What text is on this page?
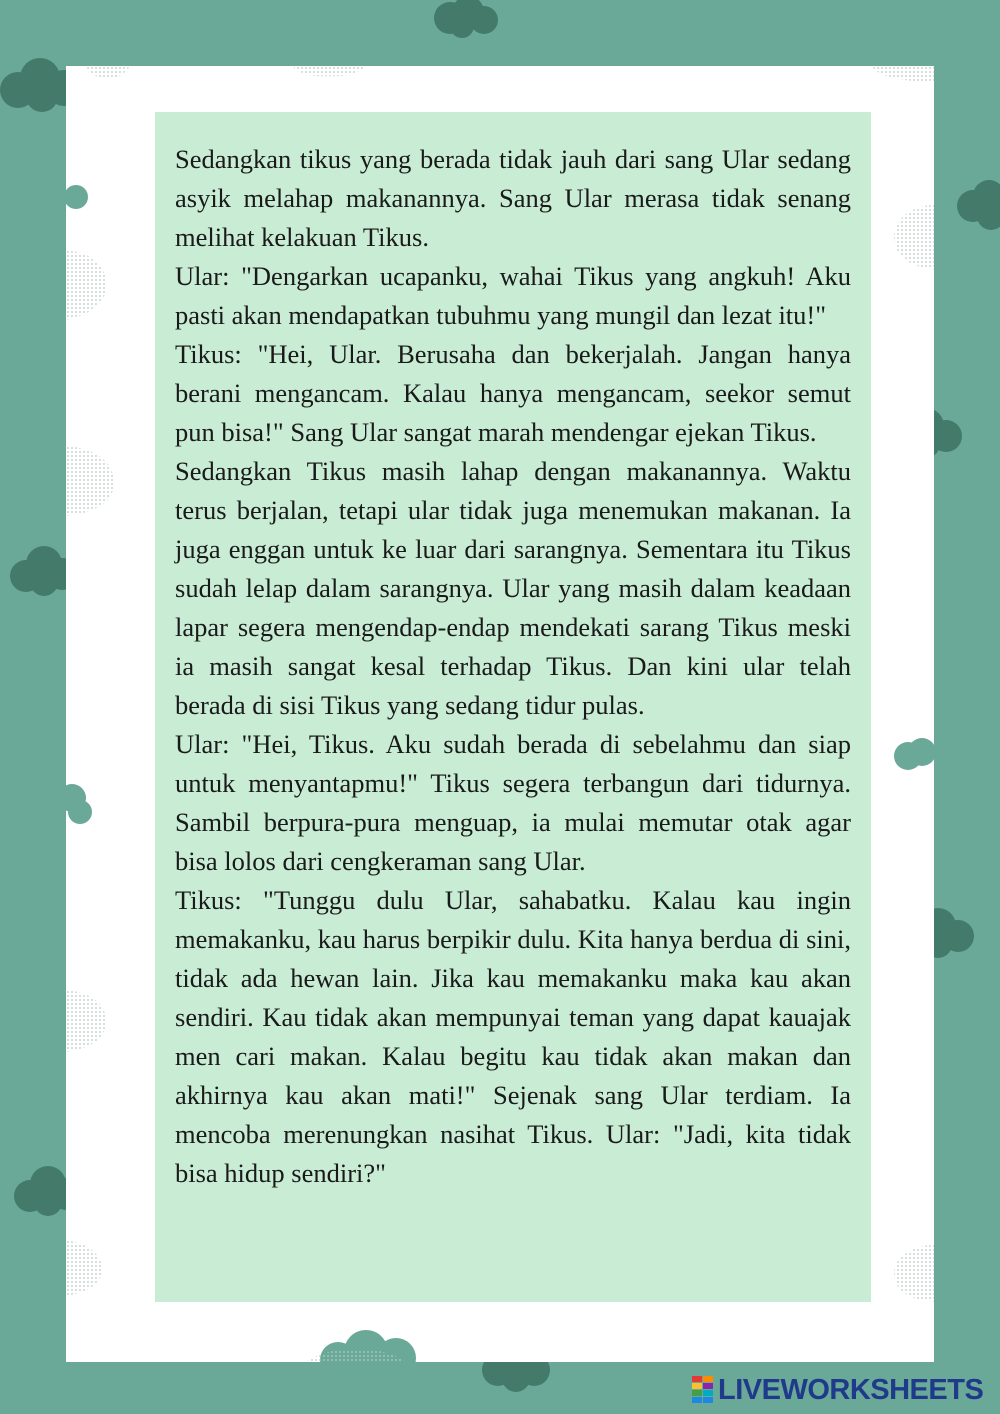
Sedangkan tikus yang berada tidak jauh dari sang Ular sedang asyik melahap makanannya. Sang Ular merasa tidak senang melihat kelakuan Tikus.

Ular: "Dengarkan ucapanku, wahai Tikus yang angkuh! Aku pasti akan mendapatkan tubuhmu yang mungil dan lezat itu!"

Tikus: "Hei, Ular. Berusaha dan bekerjalah. Jangan hanya berani mengancam. Kalau hanya mengancam, seekor semut pun bisa!" Sang Ular sangat marah mendengar ejekan Tikus.

Sedangkan Tikus masih lahap dengan makanannya. Waktu terus berjalan, tetapi ular tidak juga menemukan makanan. Ia juga enggan untuk ke luar dari sarangnya. Sementara itu Tikus sudah lelap dalam sarangnya. Ular yang masih dalam keadaan lapar segera mengendap-endap mendekati sarang Tikus meski ia masih sangat kesal terhadap Tikus. Dan kini ular telah berada di sisi Tikus yang sedang tidur pulas.

Ular: "Hei, Tikus. Aku sudah berada di sebelahmu dan siap untuk menyantapmu!" Tikus segera terbangun dari tidurnya. Sambil berpura-pura menguap, ia mulai memutar otak agar bisa lolos dari cengkeraman sang Ular.

Tikus: "Tunggu dulu Ular, sahabatku. Kalau kau ingin memakanku, kau harus berpikir dulu. Kita hanya berdua di sini, tidak ada hewan lain. Jika kau memakanku maka kau akan sendiri. Kau tidak akan mempunyai teman yang dapat kauajak men cari makan. Kalau begitu kau tidak akan makan dan akhirnya kau akan mati!" Sejenak sang Ular terdiam. Ia mencoba merenungkan nasihat Tikus. Ular: "Jadi, kita tidak bisa hidup sendiri?"

LIVEWORKSHEETS
